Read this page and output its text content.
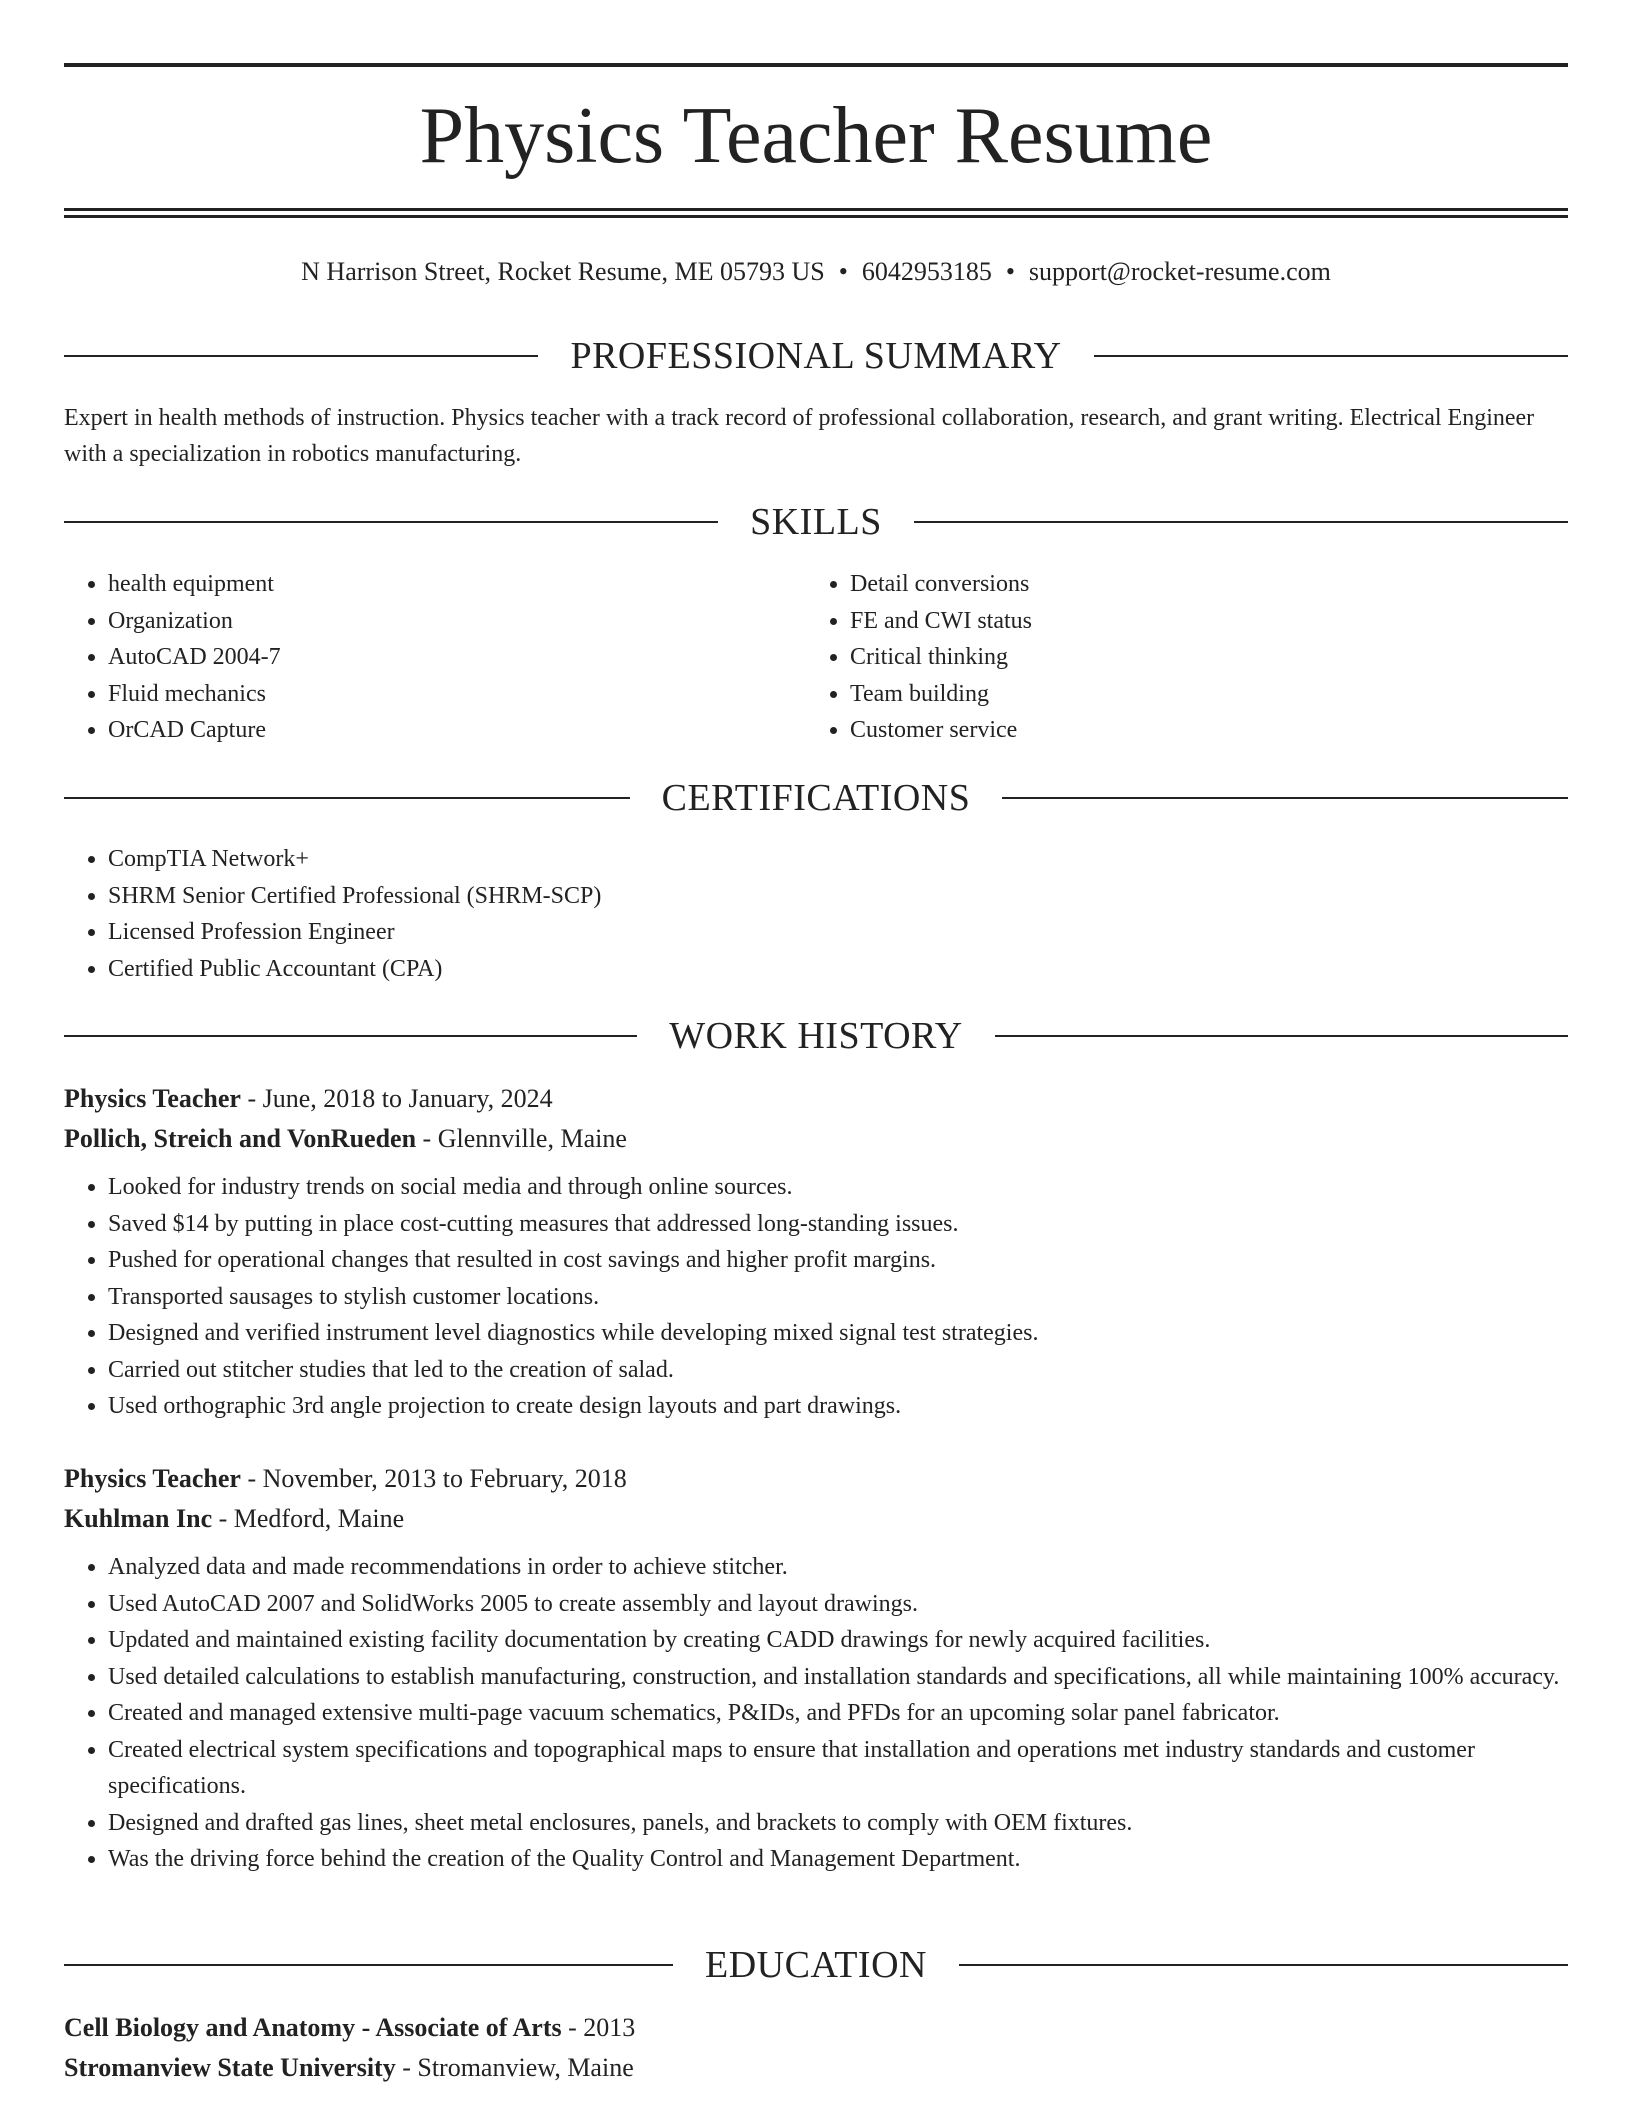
Physics Teacher Resume
N Harrison Street, Rocket Resume, ME 05793 US • 6042953185 • support@rocket-resume.com
PROFESSIONAL SUMMARY
Expert in health methods of instruction. Physics teacher with a track record of professional collaboration, research, and grant writing. Electrical Engineer with a specialization in robotics manufacturing.
SKILLS
• health equipment
• Organization
• AutoCAD 2004-7
• Fluid mechanics
• OrCAD Capture
• Detail conversions
• FE and CWI status
• Critical thinking
• Team building
• Customer service
CERTIFICATIONS
• CompTIA Network+
• SHRM Senior Certified Professional (SHRM-SCP)
• Licensed Profession Engineer
• Certified Public Accountant (CPA)
WORK HISTORY
Physics Teacher - June, 2018 to January, 2024
Pollich, Streich and VonRueden - Glennville, Maine
• Looked for industry trends on social media and through online sources.
• Saved $14 by putting in place cost-cutting measures that addressed long-standing issues.
• Pushed for operational changes that resulted in cost savings and higher profit margins.
• Transported sausages to stylish customer locations.
• Designed and verified instrument level diagnostics while developing mixed signal test strategies.
• Carried out stitcher studies that led to the creation of salad.
• Used orthographic 3rd angle projection to create design layouts and part drawings.
Physics Teacher - November, 2013 to February, 2018
Kuhlman Inc - Medford, Maine
• Analyzed data and made recommendations in order to achieve stitcher.
• Used AutoCAD 2007 and SolidWorks 2005 to create assembly and layout drawings.
• Updated and maintained existing facility documentation by creating CADD drawings for newly acquired facilities.
• Used detailed calculations to establish manufacturing, construction, and installation standards and specifications, all while maintaining 100% accuracy.
• Created and managed extensive multi-page vacuum schematics, P&IDs, and PFDs for an upcoming solar panel fabricator.
• Created electrical system specifications and topographical maps to ensure that installation and operations met industry standards and customer specifications.
• Designed and drafted gas lines, sheet metal enclosures, panels, and brackets to comply with OEM fixtures.
• Was the driving force behind the creation of the Quality Control and Management Department.
EDUCATION
Cell Biology and Anatomy - Associate of Arts - 2013
Stromanview State University - Stromanview, Maine
